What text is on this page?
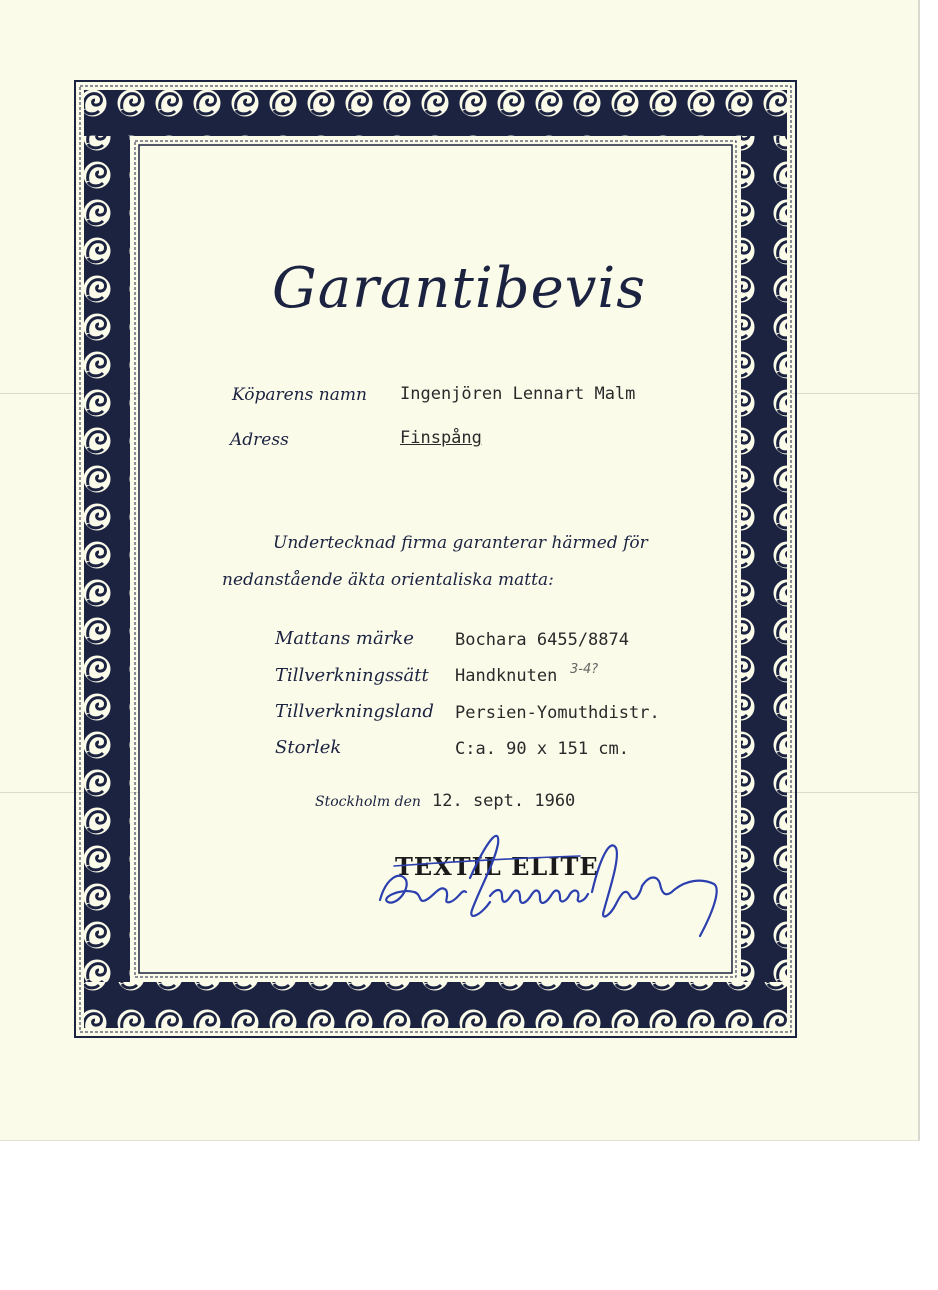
Garantibevis
Köparens namn Ingenjören Lennart Malm
Adress	Finspång
Undertecknad firma garanterar härmed för
nedanstående äkta orientaliska matta:
Mattans märke Bochara 6455/8874
Tillverkningssätt Handknuten 3-4?
Tillverkningsland Persien-Yomuthdistr.
Storlek	C:a. 90 x 151 cm.
Stockholm den 12. sept. 1960
TEXTIL ELITE
